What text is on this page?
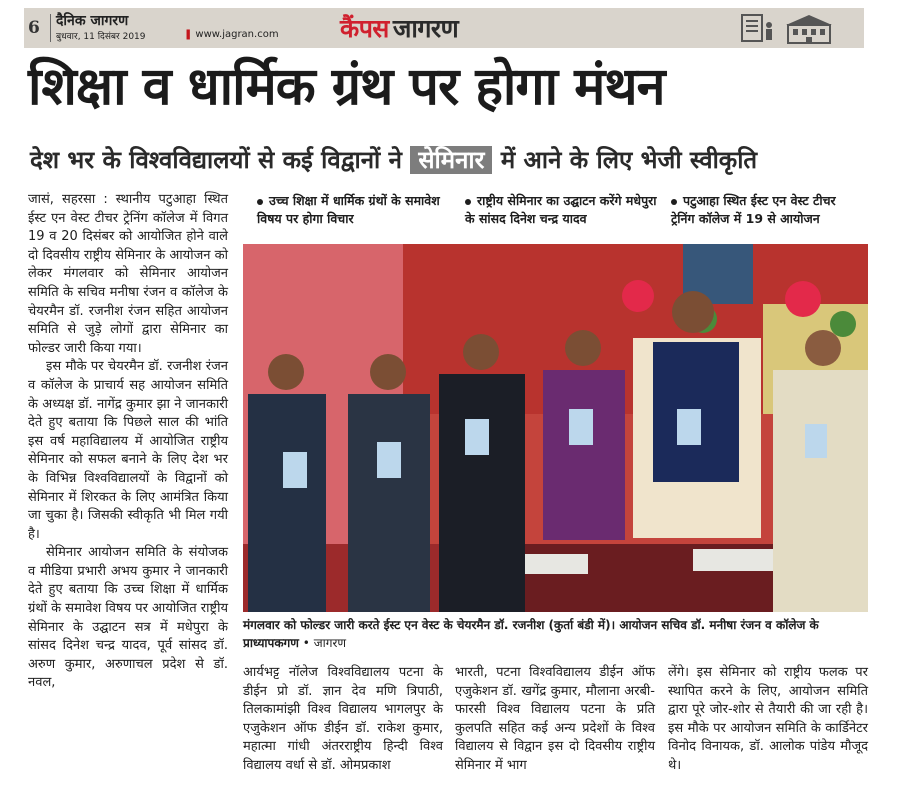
6 दैनिक जागरण
बुधवार, 11 दिसंबर 2019	❚ www.jagran.com कैंपस जागरण
शिक्षा व धार्मिक ग्रंथ पर होगा मंथन
देश भर के विश्वविद्यालयों से कई विद्वानों ने सेमिनार में आने के लिए भेजी स्वीकृति

जासं, सहरसा : स्थानीय पटुआहा स्थित ईस्ट एन वेस्ट टीचर ट्रेनिंग कॉलेज में विगत 19 व 20 दिसंबर को आयोजित होने वाले दो दिवसीय राष्ट्रीय सेमिनार के आयोजन को लेकर मंगलवार को सेमिनार आयोजन समिति के सचिव मनीषा रंजन व कॉलेज के चेयरमैन डॉ. रजनीश रंजन सहित आयोजन समिति से जुड़े लोगों द्वारा सेमिनार का फोल्डर जारी किया गया।

इस मौके पर चेयरमैन डॉ. रजनीश रंजन व कॉलेज के प्राचार्य सह आयोजन समिति के अध्यक्ष डॉ. नागेंद्र कुमार झा ने जानकारी देते हुए बताया कि पिछले साल की भांति इस वर्ष महाविद्यालय में आयोजित राष्ट्रीय सेमिनार को सफल बनाने के लिए देश भर के विभिन्न विश्वविद्यालयों के विद्वानों को सेमिनार में शिरकत के लिए आमंत्रित किया जा चुका है। जिसकी स्वीकृति भी मिल गयी है।

सेमिनार आयोजन समिति के संयोजक व मीडिया प्रभारी अभय कुमार ने जानकारी देते हुए बताया कि उच्च शिक्षा में धार्मिक ग्रंथों के समावेश विषय पर आयोजित राष्ट्रीय सेमिनार के उद्घाटन सत्र में मधेपुरा के सांसद दिनेश चन्द्र यादव, पूर्व सांसद डॉ. अरुण कुमार, अरुणाचल प्रदेश से डॉ. नवल,

उच्च शिक्षा में धार्मिक ग्रंथों के समावेश विषय पर होगा विचार
राष्ट्रीय सेमिनार का उद्घाटन करेंगे मधेपुरा के सांसद दिनेश चन्द्र यादव
पटुआहा स्थित ईस्ट एन वेस्ट टीचर ट्रेनिंग कॉलेज में 19 से आयोजन
मंगलवार को फोल्डर जारी करते ईस्ट एन वेस्ट के चेयरमैन डॉ. रजनीश (कुर्ता बंडी में)। आयोजन सचिव डॉ. मनीषा रंजन व कॉलेज के प्राध्यापकगण • जागरण

आर्यभट्ट नॉलेज विश्वविद्यालय पटना के डीईन प्रो डॉ. ज्ञान देव मणि त्रिपाठी, तिलकामांझी विश्व विद्यालय भागलपुर के एजुकेशन ऑफ डीईन डॉ. राकेश कुमार, महात्मा गांधी अंतरराष्ट्रीय हिन्दी विश्व विद्यालय वर्धा से डॉ. ओमप्रकाश

भारती, पटना विश्वविद्यालय डीईन ऑफ एजुकेशन डॉ. खगेंद्र कुमार, मौलाना अरबी-फारसी विश्व विद्यालय पटना के प्रति कुलपति सहित कई अन्य प्रदेशों के विश्व विद्यालय से विद्वान इस दो दिवसीय राष्ट्रीय सेमिनार में भाग

लेंगे। इस सेमिनार को राष्ट्रीय फलक पर स्थापित करने के लिए, आयोजन समिति द्वारा पूरे जोर-शोर से तैयारी की जा रही है। इस मौके पर आयोजन समिति के कार्डिनेटर विनोद विनायक, डॉ. आलोक पांडेय मौजूद थे।
